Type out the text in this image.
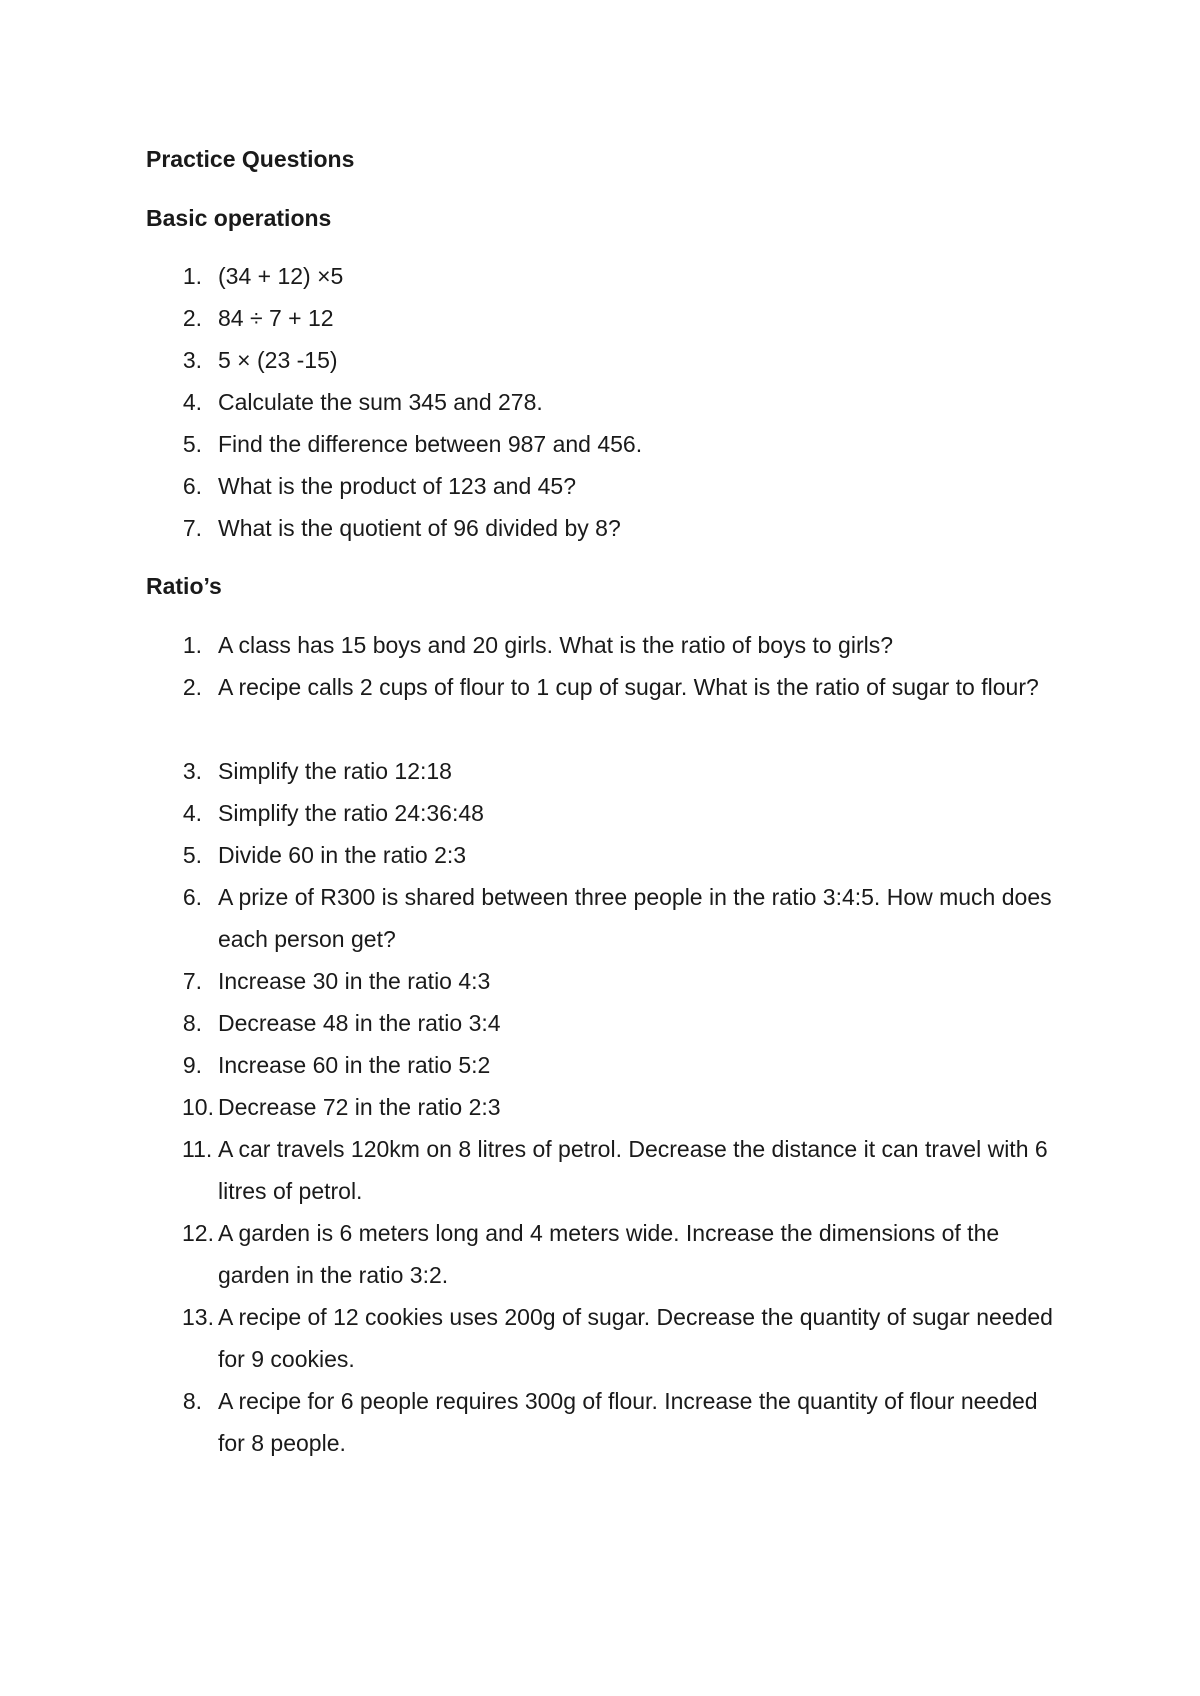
Practice Questions
Basic operations
1. (34 + 12) ×5
2. 84 ÷ 7 + 12
3. 5 × (23 -15)
4. Calculate the sum 345 and 278.
5. Find the difference between 987 and 456.
6. What is the product of 123 and 45?
7. What is the quotient of 96 divided by 8?
Ratio’s
1. A class has 15 boys and 20 girls. What is the ratio of boys to girls?
2. A recipe calls 2 cups of flour to 1 cup of sugar. What is the ratio of sugar to flour?
3. Simplify the ratio 12:18
4. Simplify the ratio 24:36:48
5. Divide 60 in the ratio 2:3
6. A prize of R300 is shared between three people in the ratio 3:4:5. How much does each person get?
7. Increase 30 in the ratio 4:3
8. Decrease 48 in the ratio 3:4
9. Increase 60 in the ratio 5:2
10. Decrease 72 in the ratio 2:3
11. A car travels 120km on 8 litres of petrol. Decrease the distance it can travel with 6 litres of petrol.
12. A garden is 6 meters long and 4 meters wide. Increase the dimensions of the garden in the ratio 3:2.
13. A recipe of 12 cookies uses 200g of sugar. Decrease the quantity of sugar needed for 9 cookies.
8. A recipe for 6 people requires 300g of flour. Increase the quantity of flour needed for 8 people.
